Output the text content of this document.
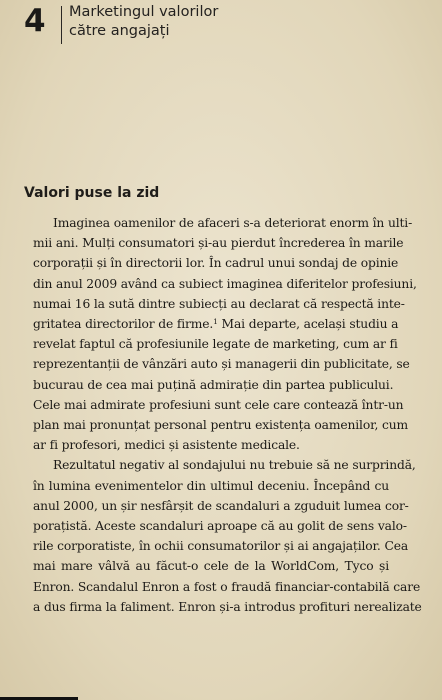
4 Marketingul valorilor
către angajați
Valori puse la zid

Imaginea oamenilor de afaceri s-a deteriorat enorm în ulti-
mii ani. Mulți consumatori și-au pierdut încrederea în marile
corporații și în directorii lor. În cadrul unui sondaj de opinie
din anul 2009 având ca subiect imaginea diferitelor profesiuni,
numai 16 la sută dintre subiecți au declarat că respectă inte-
gritatea directorilor de firme.$^1$ Mai departe, același studiu a
revelat faptul că profesiunile legate de marketing, cum ar fi
reprezentanții de vânzări auto și managerii din publicitate, se
bucurau de cea mai puțină admirație din partea publicului.
Cele mai admirate profesiuni sunt cele care contează într-un
plan mai pronunțat personal pentru existența oamenilor, cum
ar fi profesori, medici și asistente medicale.

Rezultatul negativ al sondajului nu trebuie să ne surprindă,
în lumina evenimentelor din ultimul deceniu. Începând cu
anul 2000, un șir nesfârșit de scandaluri a zguduit lumea cor-
porațistă. Aceste scandaluri aproape că au golit de sens valo-
rile corporatiste, în ochii consumatorilor și ai angajaților. Cea
mai mare vâlvă au făcut-o cele de la WorldCom, Tyco și
Enron. Scandalul Enron a fost o fraudă financiar-contabilă care
a dus firma la faliment. Enron și-a introdus profituri nerealizate
